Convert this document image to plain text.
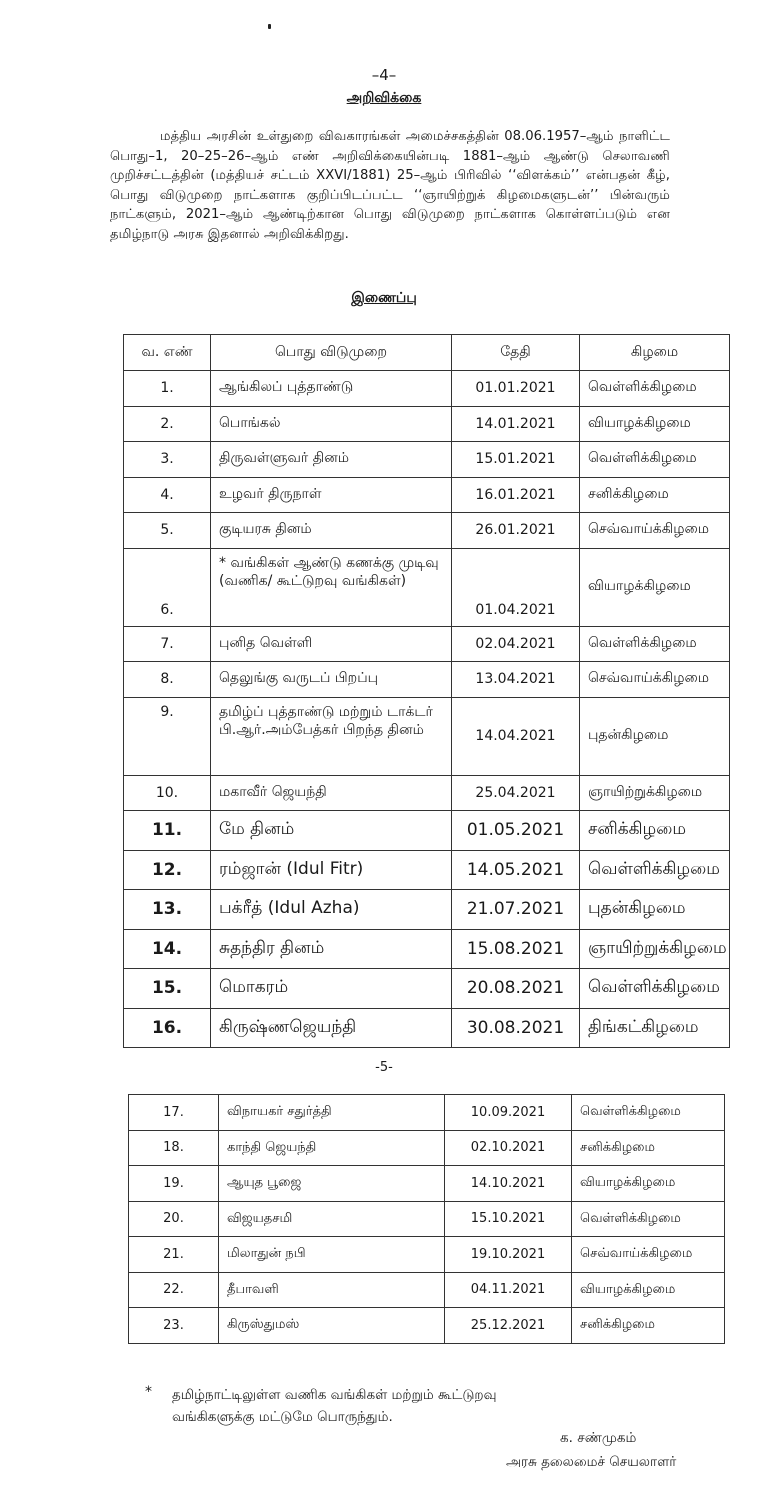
–4–
அறிவிக்கை
மத்திய அரசின் உள்துறை விவகாரங்கள் அமைச்சகத்தின் 08.06.1957–ஆம் நாளிட்ட பொது–1, 20–25–26–ஆம் எண் அறிவிக்கையின்படி 1881–ஆம் ஆண்டு செலாவணி முறிச்சட்டத்தின் (மத்தியச் சட்டம் XXVI/1881) 25–ஆம் பிரிவில் ‘‘விளக்கம்’’ என்பதன் கீழ், பொது விடுமுறை நாட்களாக குறிப்பிடப்பட்ட ‘‘ஞாயிற்றுக் கிழமைகளுடன்’’ பின்வரும் நாட்களும், 2021–ஆம் ஆண்டிற்கான பொது விடுமுறை நாட்களாக கொள்ளப்படும் என தமிழ்நாடு அரசு இதனால் அறிவிக்கிறது.
இணைப்பு
வ. எண்	பொது விடுமுறை	தேதி	கிழமை
1.	ஆங்கிலப் புத்தாண்டு	01.01.2021	வெள்ளிக்கிழமை
2.	பொங்கல்	14.01.2021	வியாழக்கிழமை
3.	திருவள்ளுவர் தினம்	15.01.2021	வெள்ளிக்கிழமை
4.	உழவர் திருநாள்	16.01.2021	சனிக்கிழமை
5.	குடியரசு தினம்	26.01.2021	செவ்வாய்க்கிழமை
6.	* வங்கிகள் ஆண்டு கணக்கு முடிவு (வணிக/ கூட்டுறவு வங்கிகள்)	01.04.2021	வியாழக்கிழமை
7.	புனித வெள்ளி	02.04.2021	வெள்ளிக்கிழமை
8.	தெலுங்கு வருடப் பிறப்பு	13.04.2021	செவ்வாய்க்கிழமை
9.	தமிழ்ப் புத்தாண்டு மற்றும் டாக்டர் பி.ஆர்.அம்பேத்கர் பிறந்த தினம்	14.04.2021	புதன்கிழமை
10.	மகாவீர் ஜெயந்தி	25.04.2021	ஞாயிற்றுக்கிழமை
11.	மே தினம்	01.05.2021	சனிக்கிழமை
12.	ரம்ஜான் (Idul Fitr)	14.05.2021	வெள்ளிக்கிழமை
13.	பக்ரீத் (Idul Azha)	21.07.2021	புதன்கிழமை
14.	சுதந்திர தினம்	15.08.2021	ஞாயிற்றுக்கிழமை
15.	மொகரம்	20.08.2021	வெள்ளிக்கிழமை
16.	கிருஷ்ணஜெயந்தி	30.08.2021	திங்கட்கிழமை
-5-
17.	விநாயகர் சதுர்த்தி	10.09.2021	வெள்ளிக்கிழமை
18.	காந்தி ஜெயந்தி	02.10.2021	சனிக்கிழமை
19.	ஆயுத பூஜை	14.10.2021	வியாழக்கிழமை
20.	விஜயதசமி	15.10.2021	வெள்ளிக்கிழமை
21.	மிலாதுன் நபி	19.10.2021	செவ்வாய்க்கிழமை
22.	தீபாவளி	04.11.2021	வியாழக்கிழமை
23.	கிருஸ்துமஸ்	25.12.2021	சனிக்கிழமை
* தமிழ்நாட்டிலுள்ள வணிக வங்கிகள் மற்றும் கூட்டுறவு வங்கிகளுக்கு மட்டுமே பொருந்தும்.
க. சண்முகம்
அரசு தலைமைச் செயலாளர்
